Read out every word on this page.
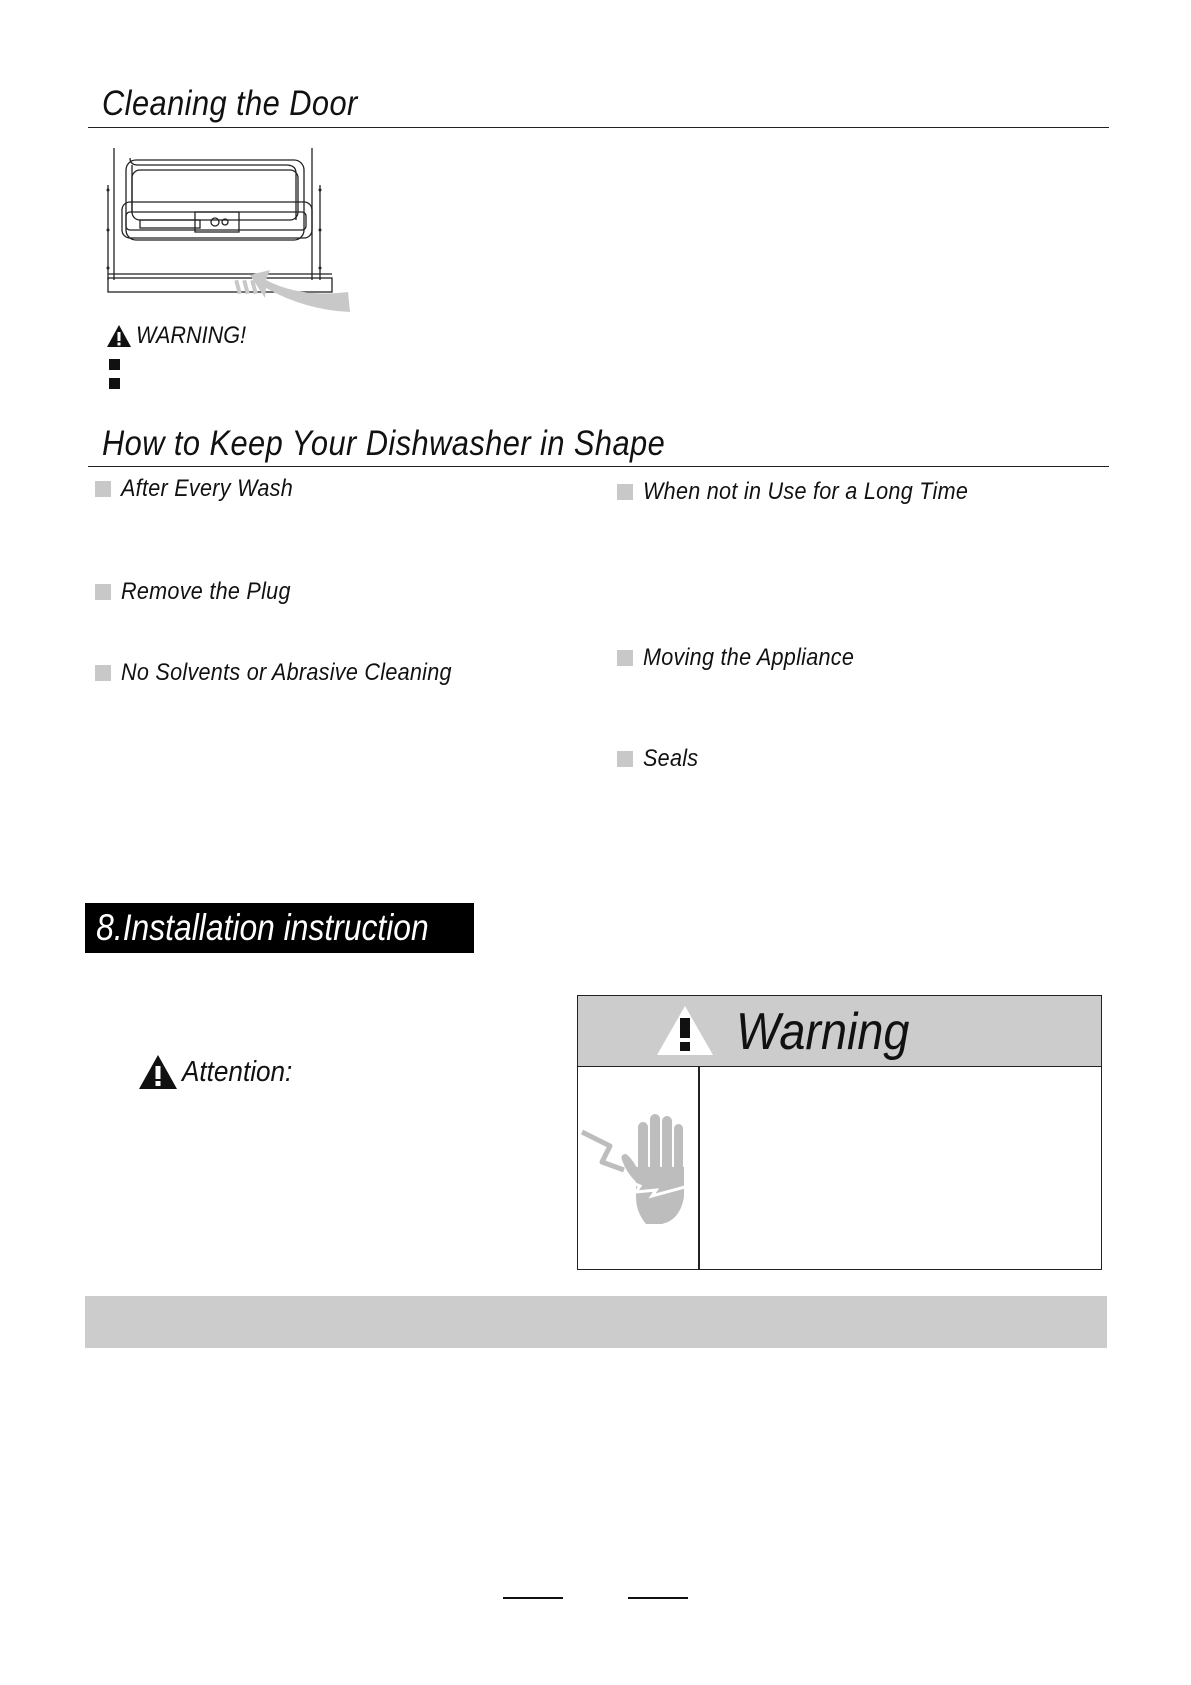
Cleaning the Door
WARNING!
How to Keep Your Dishwasher in Shape
After Every Wash
Remove the Plug
No Solvents or Abrasive Cleaning
When not in Use for a Long Time
Moving the Appliance
Seals
8.Installation instruction
Attention:
Warning
